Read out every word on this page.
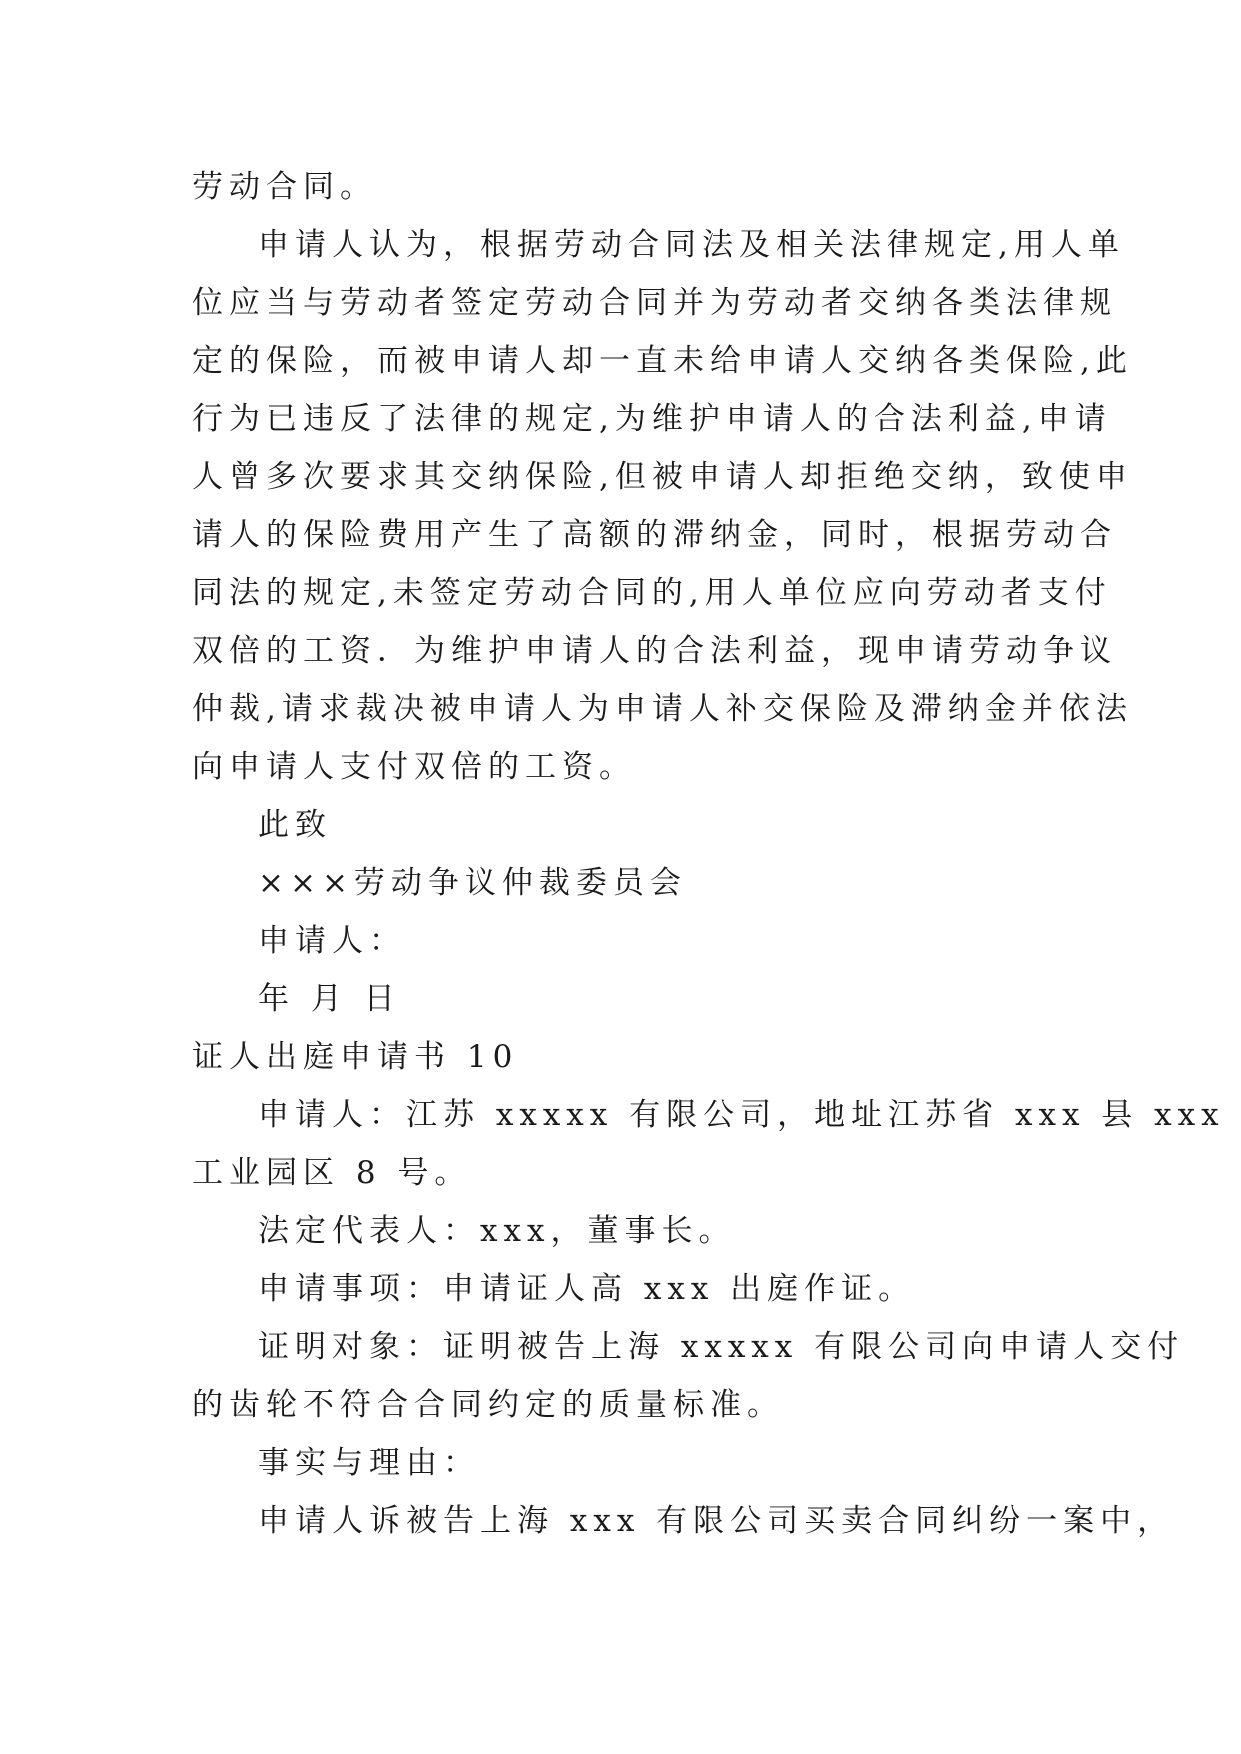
劳动合同。
申请人认为，根据劳动合同法及相关法律规定,用人单
位应当与劳动者签定劳动合同并为劳动者交纳各类法律规
定的保险，而被申请人却一直未给申请人交纳各类保险,此
行为已违反了法律的规定,为维护申请人的合法利益,申请
人曾多次要求其交纳保险,但被申请人却拒绝交纳，致使申
请人的保险费用产生了高额的滞纳金，同时，根据劳动合
同法的规定,未签定劳动合同的,用人单位应向劳动者支付
双倍的工资．为维护申请人的合法利益，现申请劳动争议
仲裁,请求裁决被申请人为申请人补交保险及滞纳金并依法
向申请人支付双倍的工资。
此致
×××劳动争议仲裁委员会
申请人：
年 月 日
证人出庭申请书 10
申请人：江苏 xxxxx 有限公司，地址江苏省 xxx 县 xxx
工业园区 8 号。
法定代表人：xxx，董事长。
申请事项：申请证人高 xxx 出庭作证。
证明对象：证明被告上海 xxxxx 有限公司向申请人交付
的齿轮不符合合同约定的质量标准。
事实与理由：
申请人诉被告上海 xxx 有限公司买卖合同纠纷一案中，
